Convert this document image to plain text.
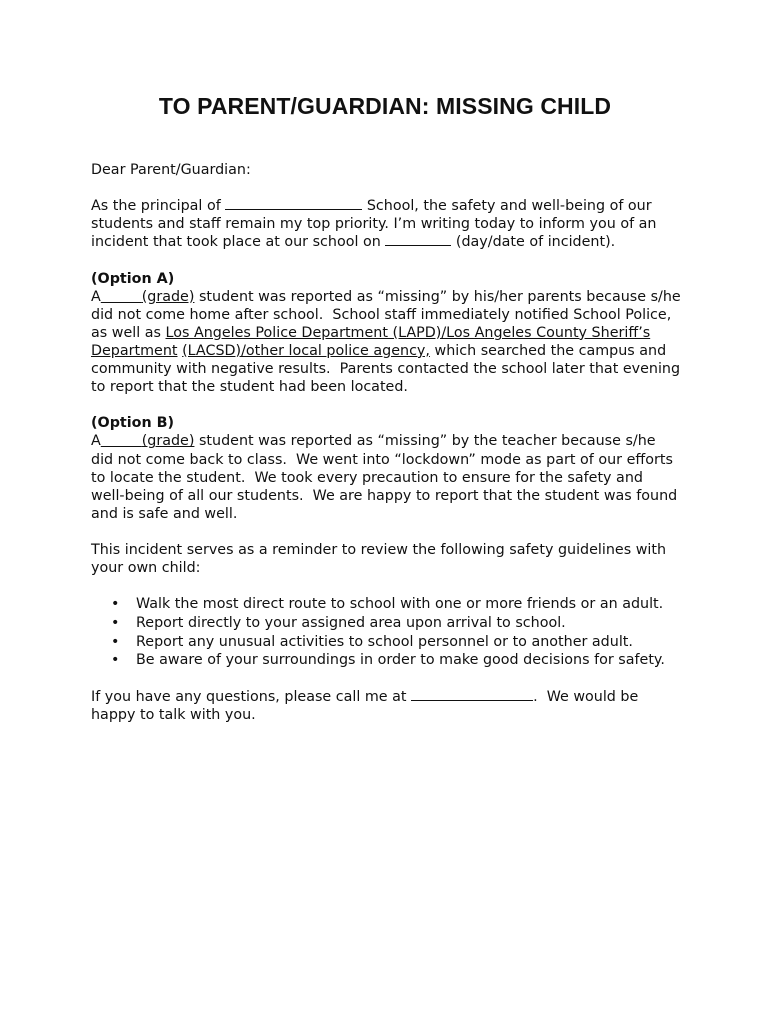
TO PARENT/GUARDIAN: MISSING CHILD

Dear Parent/Guardian:

As the principal of	School, the safety and well-being of our students and staff remain my top priority. I’m writing today to inform you of an incident that took place at our school on	(day/date of incident).

(Option A)

A	(grade) student was reported as “missing” by his/her parents because s/he did not come home after school.  School staff immediately notified School Police, as well as Los Angeles Police Department (LAPD)/Los Angeles County Sheriff’s Department (LACSD)/other local police agency, which searched the campus and community with negative results.  Parents contacted the school later that evening to report that the student had been located.

(Option B)

A	(grade) student was reported as “missing” by the teacher because s/he did not come back to class.  We went into “lockdown” mode as part of our efforts to locate the student.  We took every precaution to ensure for the safety and well-being of all our students.  We are happy to report that the student was found and is safe and well.

This incident serves as a reminder to review the following safety guidelines with your own child:

• Walk the most direct route to school with one or more friends or an adult.
• Report directly to your assigned area upon arrival to school.
• Report any unusual activities to school personnel or to another adult.
• Be aware of your surroundings in order to make good decisions for safety.

If you have any questions, please call me at	.  We would be happy to talk with you.
